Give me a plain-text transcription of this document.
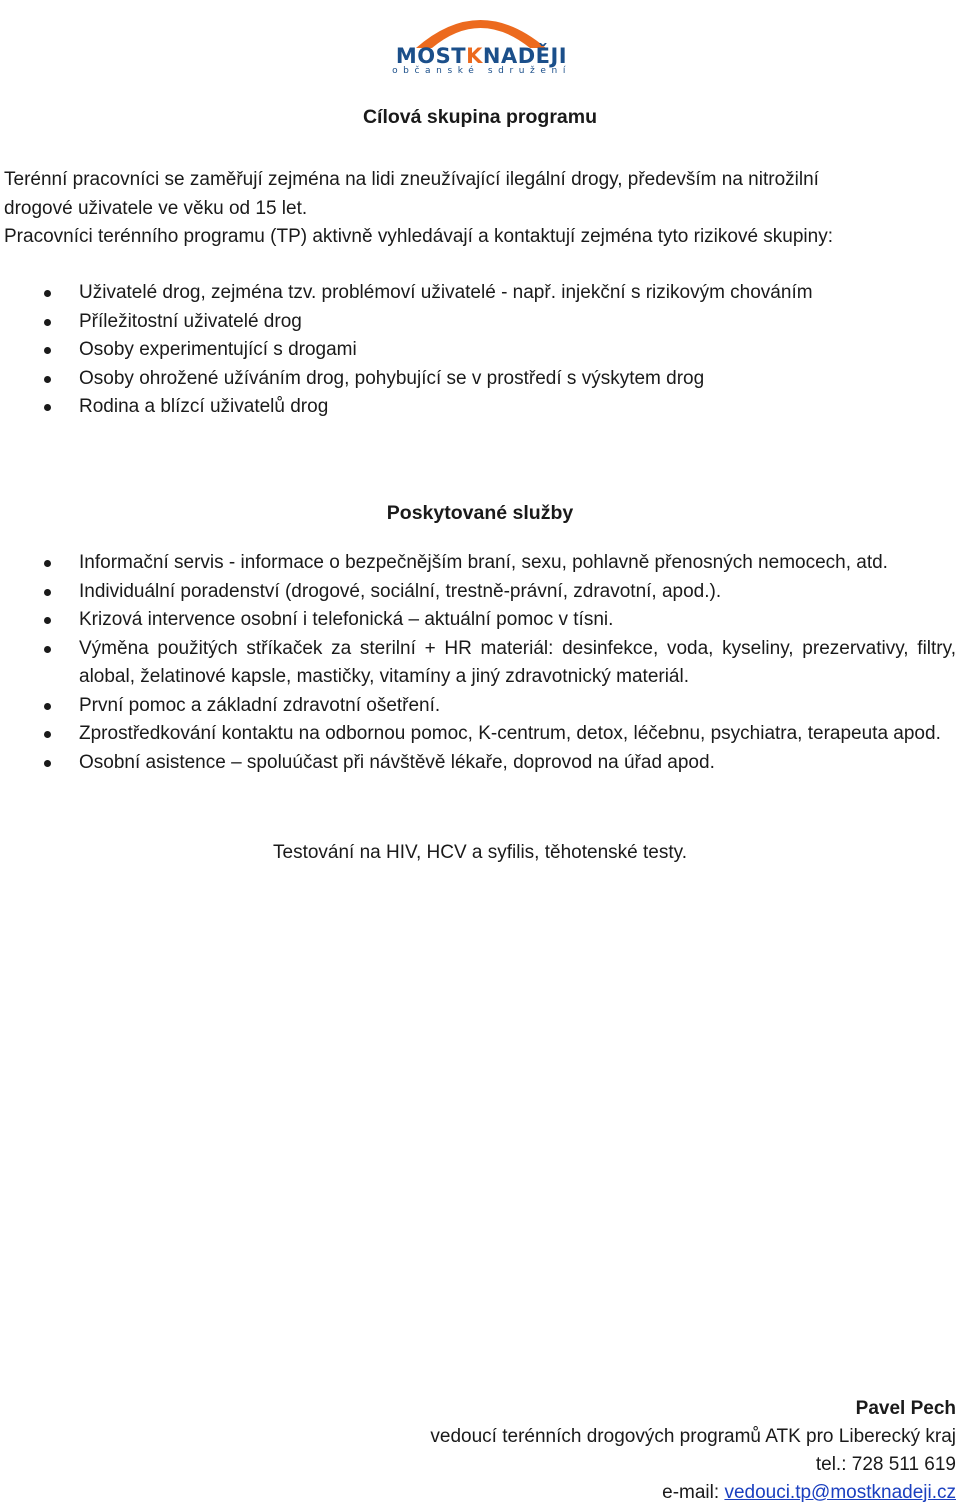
MOSTKNADĚJI
občanské sdružení
Cílová skupina programu
Terénní pracovníci se zaměřují zejména na lidi zneužívající ilegální drogy, především na nitrožilní
drogové uživatele ve věku od 15 let.
Pracovníci terénního programu (TP) aktivně vyhledávají a kontaktují zejména tyto rizikové skupiny:
Uživatelé drog, zejména tzv. problémoví uživatelé - např. injekční s rizikovým chováním
Příležitostní uživatelé drog
Osoby experimentující s drogami
Osoby ohrožené užíváním drog, pohybující se v prostředí s výskytem drog
Rodina a blízcí uživatelů drog
Poskytované služby
Informační servis - informace o bezpečnějším braní, sexu, pohlavně přenosných nemocech, atd.
Individuální poradenství (drogové, sociální, trestně-právní, zdravotní, apod.).
Krizová intervence osobní i telefonická – aktuální pomoc v tísni.
Výměna použitých stříkaček za sterilní + HR materiál: desinfekce, voda, kyseliny, prezervativy, filtry, alobal, želatinové kapsle, mastičky, vitamíny a jiný zdravotnický materiál.
První pomoc a základní zdravotní ošetření.
Zprostředkování kontaktu na odbornou pomoc, K-centrum, detox, léčebnu, psychiatra, terapeuta apod.
Osobní asistence – spoluúčast při návštěvě lékaře, doprovod na úřad apod.
Testování na HIV, HCV a syfilis, těhotenské testy.
Pavel Pech
vedoucí terénních drogových programů ATK pro Liberecký kraj
tel.: 728 511 619
e-mail: vedouci.tp@mostknadeji.cz
